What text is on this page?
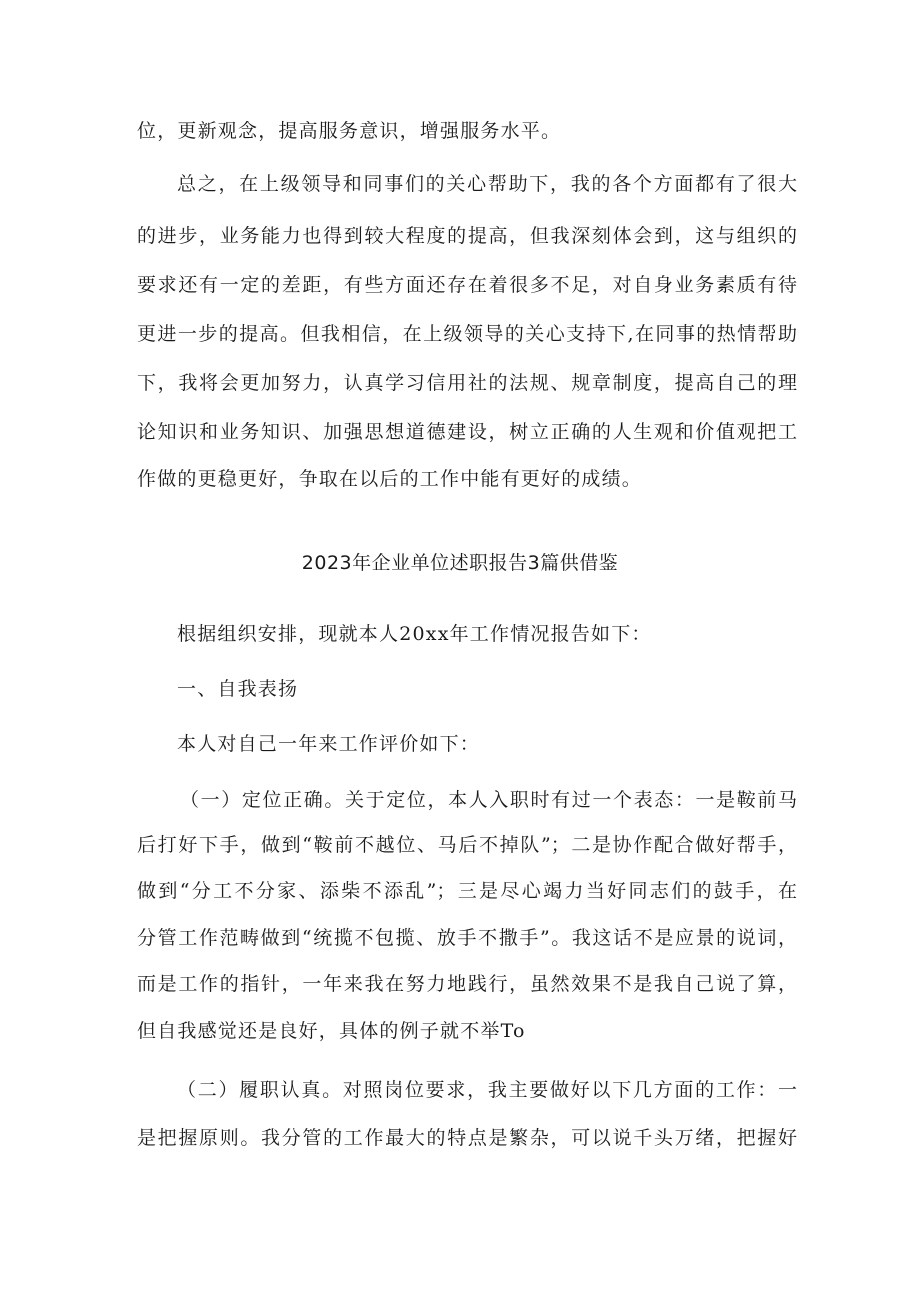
位，更新观念，提高服务意识，增强服务水平。
总之，在上级领导和同事们的关心帮助下，我的各个方面都有了很大
的进步，业务能力也得到较大程度的提高，但我深刻体会到，这与组织的
要求还有一定的差距，有些方面还存在着很多不足，对自身业务素质有待
更进一步的提高。但我相信，在上级领导的关心支持下,在同事的热情帮助
下，我将会更加努力，认真学习信用社的法规、规章制度，提高自己的理
论知识和业务知识、加强思想道德建设，树立正确的人生观和价值观把工
作做的更稳更好，争取在以后的工作中能有更好的成绩。
2023年企业单位述职报告3篇供借鉴
根据组织安排，现就本人20xx年工作情况报告如下：
一、自我表扬
本人对自己一年来工作评价如下：
（一）定位正确。关于定位，本人入职时有过一个表态：一是鞍前马
后打好下手，做到“鞍前不越位、马后不掉队”；二是协作配合做好帮手，
做到“分工不分家、添柴不添乱”；三是尽心竭力当好同志们的鼓手，在
分管工作范畴做到“统揽不包揽、放手不撒手”。我这话不是应景的说词，
而是工作的指针，一年来我在努力地践行，虽然效果不是我自己说了算，
但自我感觉还是良好，具体的例子就不举To
（二）履职认真。对照岗位要求，我主要做好以下几方面的工作：一
是把握原则。我分管的工作最大的特点是繁杂，可以说千头万绪，把握好
